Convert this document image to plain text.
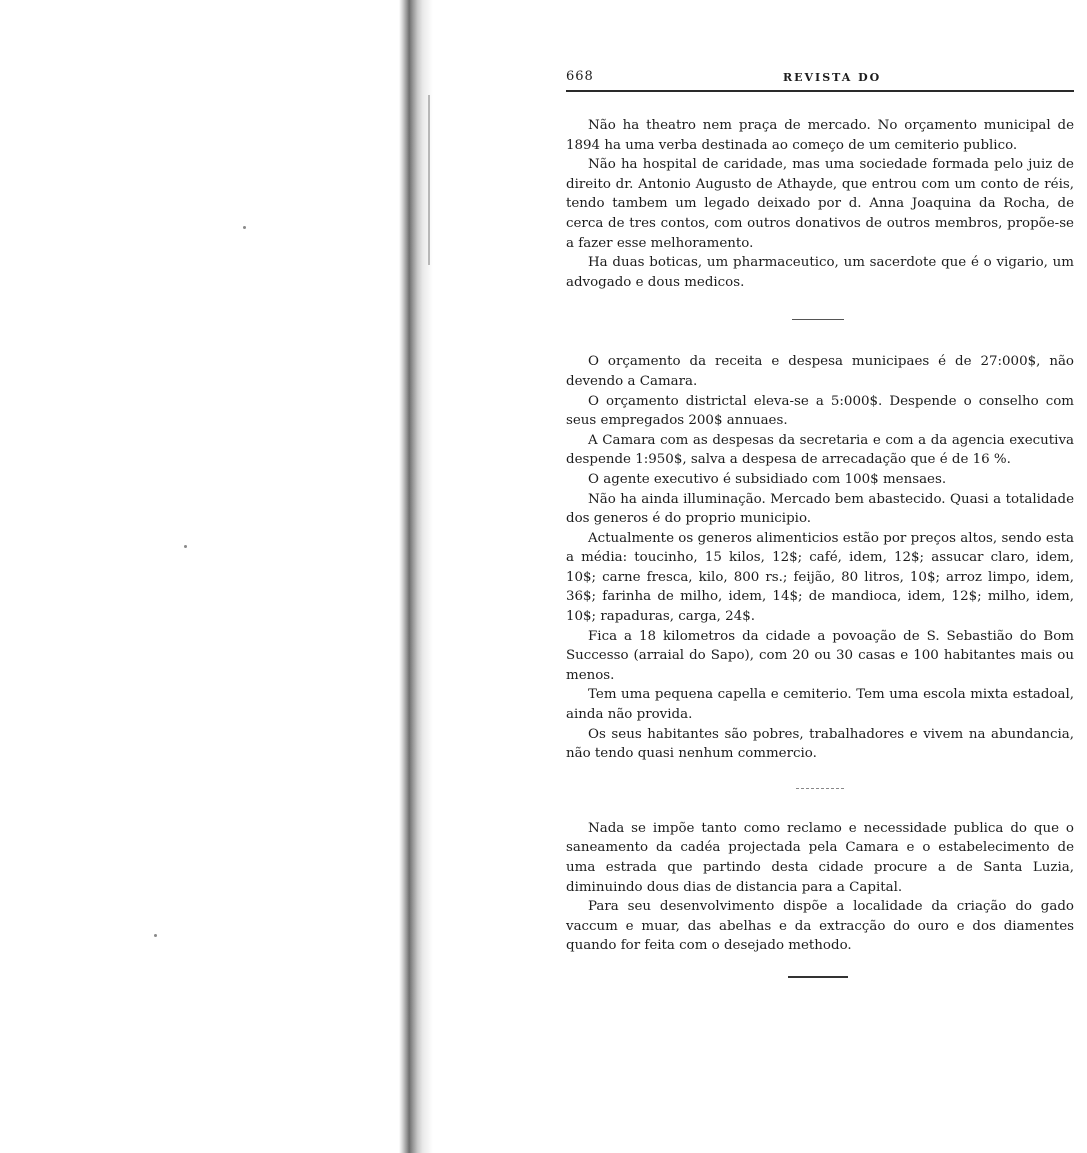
668	REVISTA DO

Não ha theatro nem praça de mercado. No orçamento municipal de 1894 ha uma verba destinada ao começo de um cemiterio publico.

Não ha hospital de caridade, mas uma sociedade formada pelo juiz de direito dr. Antonio Augusto de Athayde, que entrou com um conto de réis, tendo tambem um legado deixado por d. Anna Joaquina da Rocha, de cerca de tres contos, com outros donativos de outros membros, propõe-se a fazer esse melhoramento.

Ha duas boticas, um pharmaceutico, um sacerdote que é o vigario, um advogado e dous medicos.

O orçamento da receita e despesa municipaes é de 27:000$, não devendo a Camara.

O orçamento districtal eleva-se a 5:000$. Despende o conselho com seus empregados 200$ annuaes.

A Camara com as despesas da secretaria e com a da agencia executiva despende 1:950$, salva a despesa de arrecadação que é de 16 %.

O agente executivo é subsidiado com 100$ mensaes.

Não ha ainda illuminação. Mercado bem abastecido. Quasi a totalidade dos generos é do proprio municipio.

Actualmente os generos alimenticios estão por preços altos, sendo esta a média: toucinho, 15 kilos, 12$; café, idem, 12$; assucar claro, idem, 10$; carne fresca, kilo, 800 rs.; feijão, 80 litros, 10$; arroz limpo, idem, 36$; farinha de milho, idem, 14$; de mandioca, idem, 12$; milho, idem, 10$; rapaduras, carga, 24$.

Fica a 18 kilometros da cidade a povoação de S. Sebastião do Bom Successo (arraial do Sapo), com 20 ou 30 casas e 100 habitantes mais ou menos.

Tem uma pequena capella e cemiterio. Tem uma escola mixta estadoal, ainda não provida.

Os seus habitantes são pobres, trabalhadores e vivem na abundancia, não tendo quasi nenhum commercio.

Nada se impõe tanto como reclamo e necessidade publica do que o saneamento da cadéa projectada pela Camara e o estabelecimento de uma estrada que partindo desta cidade procure a de Santa Luzia, diminuindo dous dias de distancia para a Capital.

Para seu desenvolvimento dispõe a localidade da criação do gado vaccum e muar, das abelhas e da extracção do ouro e dos diamentes quando for feita com o desejado methodo.
